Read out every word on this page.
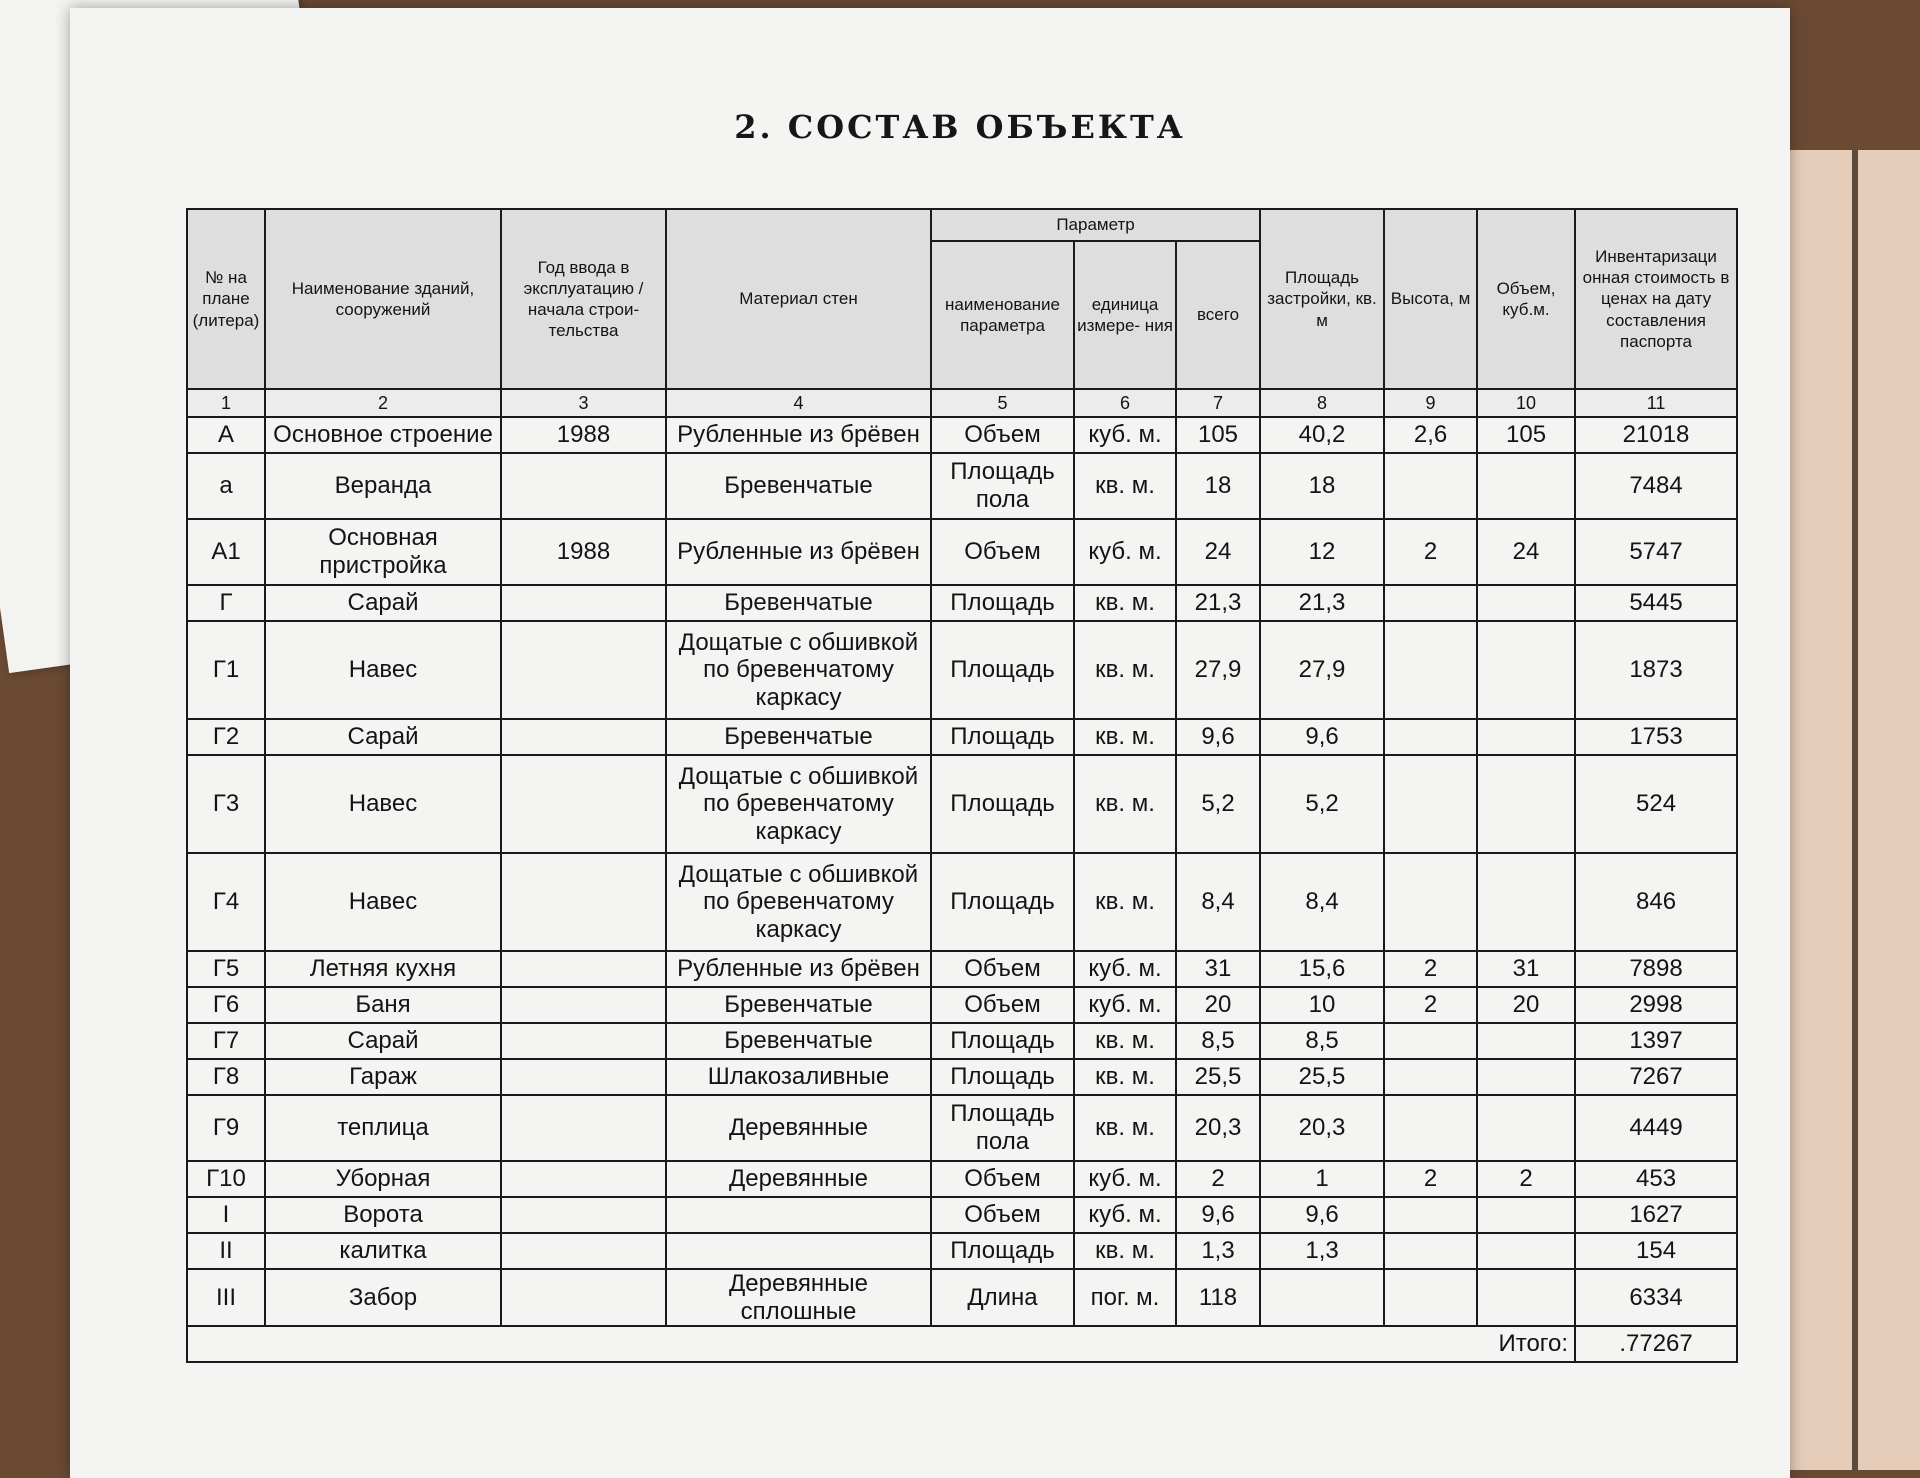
2. СОСТАВ ОБЪЕКТА
№ на плане (литера)	Наименование зданий, сооружений	Год ввода в эксплуатацию /начала строи- тельства	Материал стен	Параметр			Площадь застройки, кв. м	Высота, м	Объем, куб.м.	Инвентаризаци онная стоимость в ценах на дату составления паспорта
				наименование параметра	единица измере- ния	всего				
1	2	3	4	5	6	7	8	9	10	11
А	Основное строение	1988	Рубленные из брёвен	Объем	куб. м.	105	40,2	2,6	105	21018
а	Веранда		Бревенчатые	Площадь пола	кв. м.	18	18			7484
А1	Основная пристройка	1988	Рубленные из брёвен	Объем	куб. м.	24	12	2	24	5747
Г	Сарай		Бревенчатые	Площадь	кв. м.	21,3	21,3			5445
Г1	Навес		Дощатые с обшивкой по бревенчатому каркасу	Площадь	кв. м.	27,9	27,9			1873
Г2	Сарай		Бревенчатые	Площадь	кв. м.	9,6	9,6			1753
Г3	Навес		Дощатые с обшивкой по бревенчатому каркасу	Площадь	кв. м.	5,2	5,2			524
Г4	Навес		Дощатые с обшивкой по бревенчатому каркасу	Площадь	кв. м.	8,4	8,4			846
Г5	Летняя кухня		Рубленные из брёвен	Объем	куб. м.	31	15,6	2	31	7898
Г6	Баня		Бревенчатые	Объем	куб. м.	20	10	2	20	2998
Г7	Сарай		Бревенчатые	Площадь	кв. м.	8,5	8,5			1397
Г8	Гараж		Шлакозаливные	Площадь	кв. м.	25,5	25,5			7267
Г9	теплица		Деревянные	Площадь пола	кв. м.	20,3	20,3			4449
Г10	Уборная		Деревянные	Объем	куб. м.	2	1	2	2	453
I	Ворота			Объем	куб. м.	9,6	9,6			1627
II	калитка			Площадь	кв. м.	1,3	1,3			154
III	Забор		Деревянные сплошные	Длина	пог. м.	118				6334
Итого:										.77267
